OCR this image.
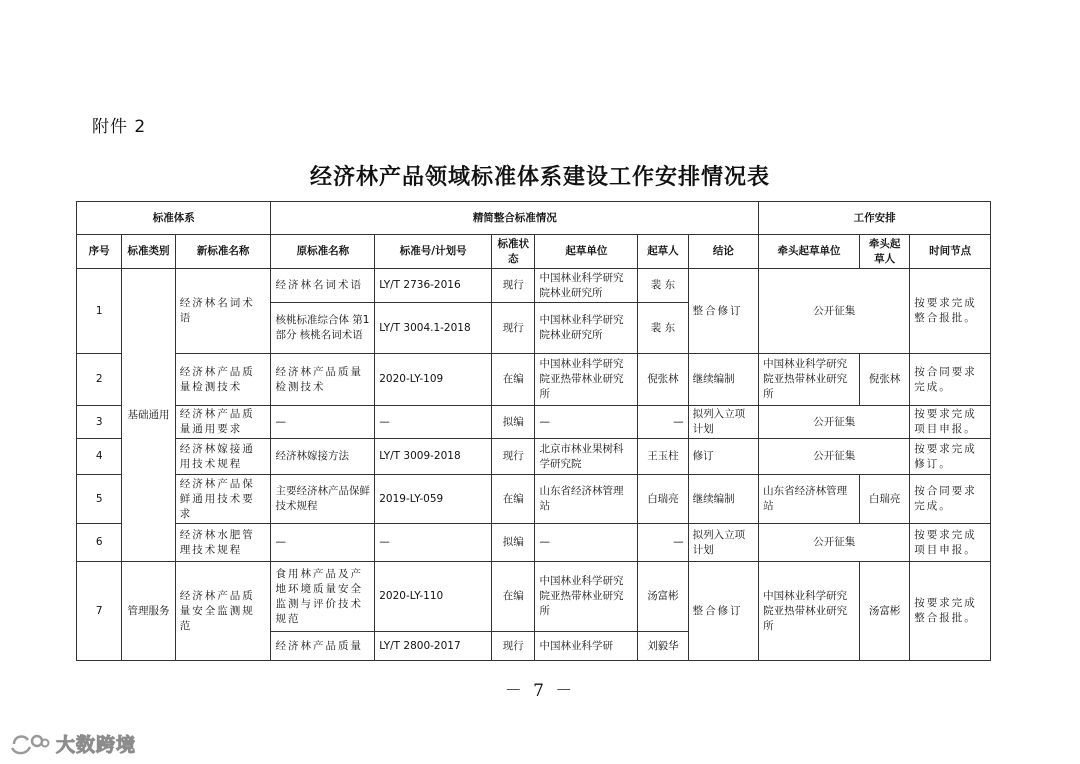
附件 2
经济林产品领域标准体系建设工作安排情况表
标准体系			精简整合标准情况						工作安排		
序号	标准类别	新标准名称	原标准名称	标准号/计划号	标准状态	起草单位	起草人	结论	牵头起草单位	牵头起草人	时间节点
1	基础通用	经济林名词术语	经济林名词术语	LY/T 2736-2016	现行	中国林业科学研究院林业研究所	裴 东	整合修订	公开征集		按要求完成整合报批。
			核桃标准综合体 第1部分 核桃名词术语	LY/T 3004.1-2018	现行	中国林业科学研究院林业研究所	裴 东				
2		经济林产品质量检测技术	经济林产品质量检测技术	2020-LY-109	在编	中国林业科学研究院亚热带林业研究所	倪张林	继续编制	中国林业科学研究院亚热带林业研究所	倪张林	按合同要求完成。
3		经济林产品质量通用要求	—	—	拟编	—	—	拟列入立项计划	公开征集		按要求完成项目申报。
4		经济林嫁接通用技术规程	经济林嫁接方法	LY/T 3009-2018	现行	北京市林业果树科学研究院	王玉柱	修订	公开征集		按要求完成修订。
5		经济林产品保鲜通用技术要求	主要经济林产品保鲜技术规程	2019-LY-059	在编	山东省经济林管理站	白瑞亮	继续编制	山东省经济林管理站	白瑞亮	按合同要求完成。
6		经济林水肥管理技术规程	—	—	拟编	—	—	拟列入立项计划	公开征集		按要求完成项目申报。
7	管理服务	经济林产品质量安全监测规范	食用林产品及产地环境质量安全监测与评价技术规范	2020-LY-110	在编	中国林业科学研究院亚热带林业研究所	汤富彬	整合修订	中国林业科学研究院亚热带林业研究所	汤富彬	按要求完成整合报批。
			经济林产品质量	LY/T 2800-2017	现行	中国林业科学研	刘毅华				
－ 7 －
大数跨境
